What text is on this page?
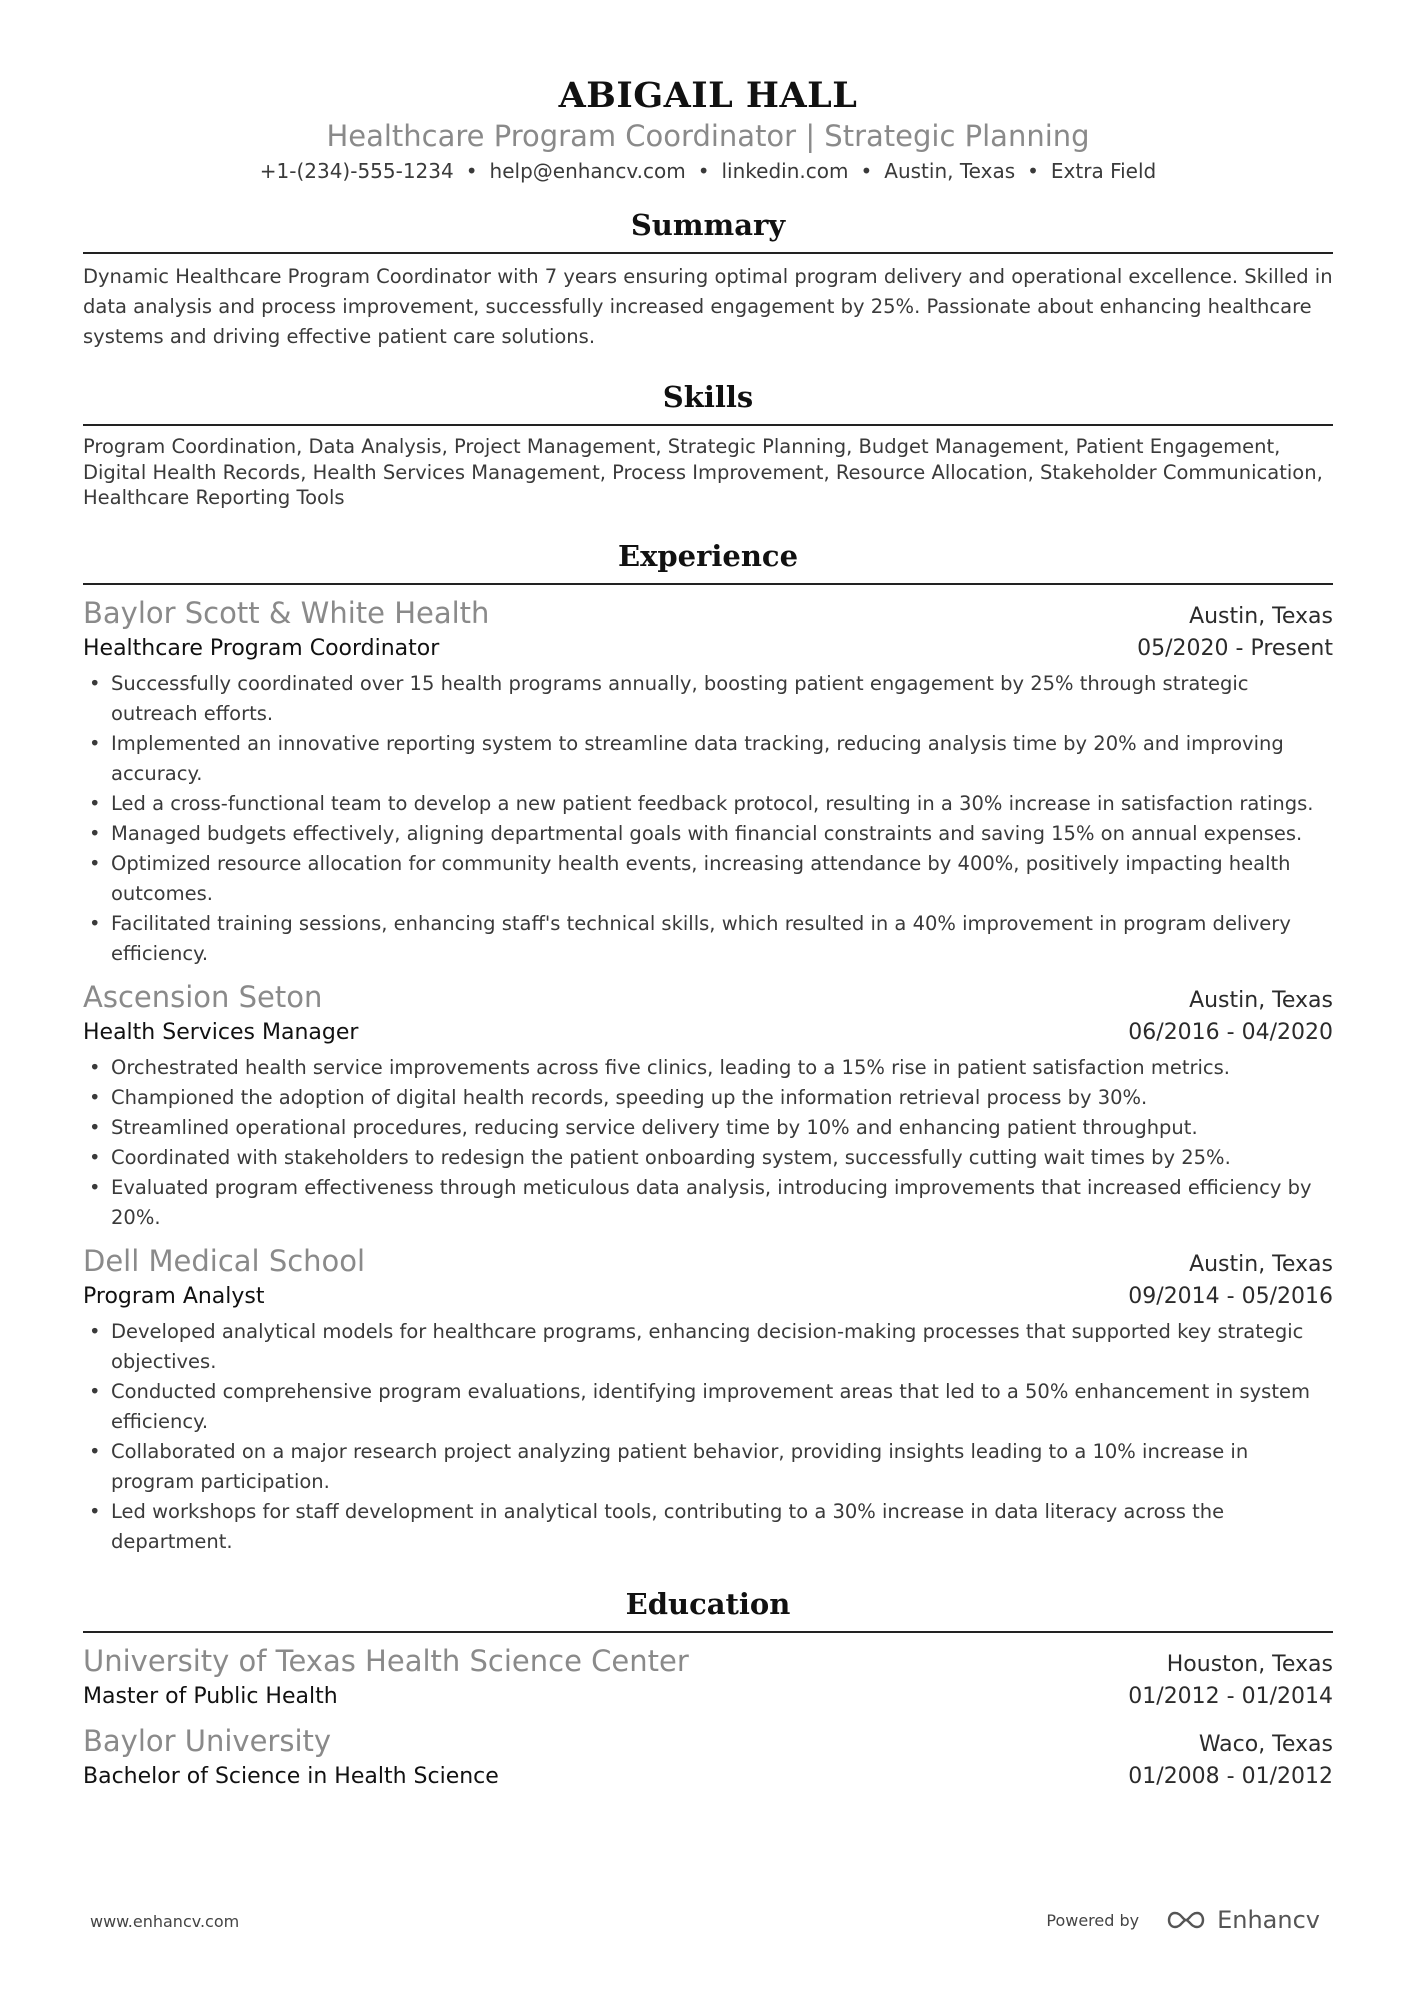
ABIGAIL HALL
Healthcare Program Coordinator | Strategic Planning
+1-(234)-555-1234 • help@enhancv.com • linkedin.com • Austin, Texas • Extra Field
Summary
Dynamic Healthcare Program Coordinator with 7 years ensuring optimal program delivery and operational excellence. Skilled in data analysis and process improvement, successfully increased engagement by 25%. Passionate about enhancing healthcare systems and driving effective patient care solutions.
Skills
Program Coordination, Data Analysis, Project Management, Strategic Planning, Budget Management, Patient Engagement, Digital Health Records, Health Services Management, Process Improvement, Resource Allocation, Stakeholder Communication, Healthcare Reporting Tools
Experience
Baylor Scott & White Health	Austin, Texas
Healthcare Program Coordinator	05/2020 - Present
• Successfully coordinated over 15 health programs annually, boosting patient engagement by 25% through strategic outreach efforts.
• Implemented an innovative reporting system to streamline data tracking, reducing analysis time by 20% and improving accuracy.
• Led a cross-functional team to develop a new patient feedback protocol, resulting in a 30% increase in satisfaction ratings.
• Managed budgets effectively, aligning departmental goals with financial constraints and saving 15% on annual expenses.
• Optimized resource allocation for community health events, increasing attendance by 400%, positively impacting health outcomes.
• Facilitated training sessions, enhancing staff's technical skills, which resulted in a 40% improvement in program delivery efficiency.
Ascension Seton	Austin, Texas
Health Services Manager	06/2016 - 04/2020
• Orchestrated health service improvements across five clinics, leading to a 15% rise in patient satisfaction metrics.
• Championed the adoption of digital health records, speeding up the information retrieval process by 30%.
• Streamlined operational procedures, reducing service delivery time by 10% and enhancing patient throughput.
• Coordinated with stakeholders to redesign the patient onboarding system, successfully cutting wait times by 25%.
• Evaluated program effectiveness through meticulous data analysis, introducing improvements that increased efficiency by 20%.
Dell Medical School	Austin, Texas
Program Analyst	09/2014 - 05/2016
• Developed analytical models for healthcare programs, enhancing decision-making processes that supported key strategic objectives.
• Conducted comprehensive program evaluations, identifying improvement areas that led to a 50% enhancement in system efficiency.
• Collaborated on a major research project analyzing patient behavior, providing insights leading to a 10% increase in program participation.
• Led workshops for staff development in analytical tools, contributing to a 30% increase in data literacy across the department.
Education
University of Texas Health Science Center	Houston, Texas
Master of Public Health	01/2012 - 01/2014
Baylor University	Waco, Texas
Bachelor of Science in Health Science	01/2008 - 01/2012
www.enhancv.com	Powered by	Enhancv
